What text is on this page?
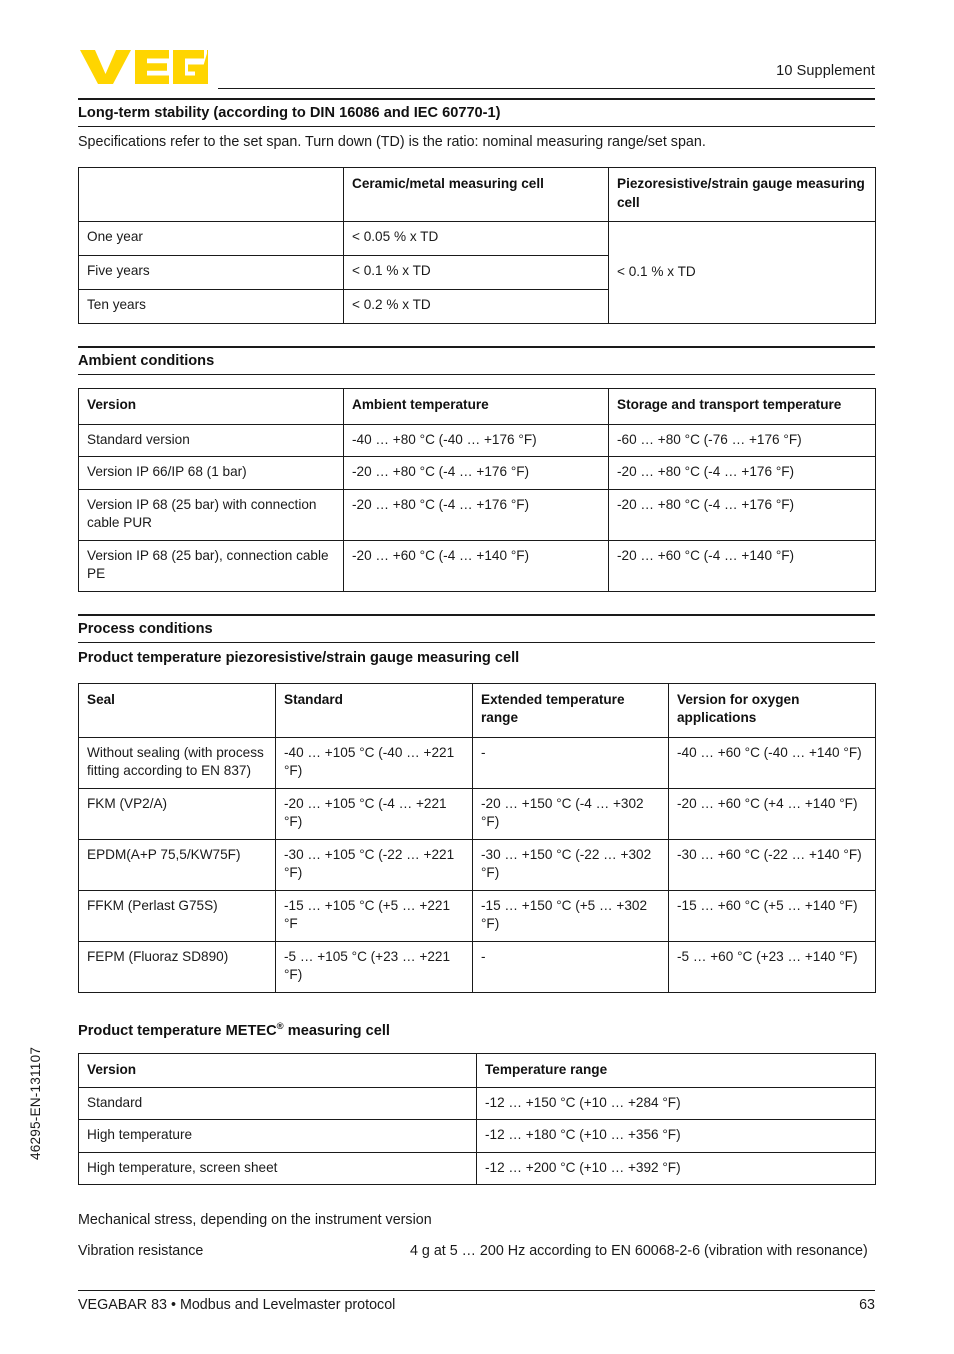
10 Supplement
Long-term stability (according to DIN 16086 and IEC 60770-1)
Specifications refer to the set span. Turn down (TD) is the ratio: nominal measuring range/set span.
	Ceramic/metal measuring cell	Piezoresistive/strain gauge measuring cell
One year	< 0.05 % x TD	< 0.1 % x TD
Five years	< 0.1 % x TD	
Ten years	< 0.2 % x TD	
Ambient conditions
Version	Ambient temperature	Storage and transport temperature
Standard version	-40 … +80 °C (-40 … +176 °F)	-60 … +80 °C (-76 … +176 °F)
Version IP 66/IP 68 (1 bar)	-20 … +80 °C (-4 … +176 °F)	-20 … +80 °C (-4 … +176 °F)
Version IP 68 (25 bar) with connection cable PUR	-20 … +80 °C (-4 … +176 °F)	-20 … +80 °C (-4 … +176 °F)
Version IP 68 (25 bar), connection cable PE	-20 … +60 °C (-4 … +140 °F)	-20 … +60 °C (-4 … +140 °F)
Process conditions
Product temperature piezoresistive/strain gauge measuring cell
Seal	Standard	Extended temperature range	Version for oxygen applications
Without sealing (with process fitting according to EN 837)	-40 … +105 °C (-40 … +221 °F)	-	-40 … +60 °C (-40 … +140 °F)
FKM (VP2/A)	-20 … +105 °C (-4 … +221 °F)	-20 … +150 °C (-4 … +302 °F)	-20 … +60 °C (+4 … +140 °F)
EPDM(A+P 75,5/KW75F)	-30 … +105 °C (-22 … +221 °F)	-30 … +150 °C (-22 … +302 °F)	-30 … +60 °C (-22 … +140 °F)
FFKM (Perlast G75S)	-15 … +105 °C (+5 … +221 °F	-15 … +150 °C (+5 … +302 °F)	-15 … +60 °C (+5 … +140 °F)
FEPM (Fluoraz SD890)	-5 … +105 °C (+23 … +221 °F)	-	-5 … +60 °C (+23 … +140 °F)
Product temperature METEC® measuring cell
Version	Temperature range
Standard	-12 … +150 °C (+10 … +284 °F)
High temperature	-12 … +180 °C (+10 … +356 °F)
High temperature, screen sheet	-12 … +200 °C (+10 … +392 °F)
Mechanical stress, depending on the instrument version
Vibration resistance	4 g at 5 … 200 Hz according to EN 60068-2-6 (vibration with resonance)
46295-EN-131107
VEGABAR 83 • Modbus and Levelmaster protocol	63
